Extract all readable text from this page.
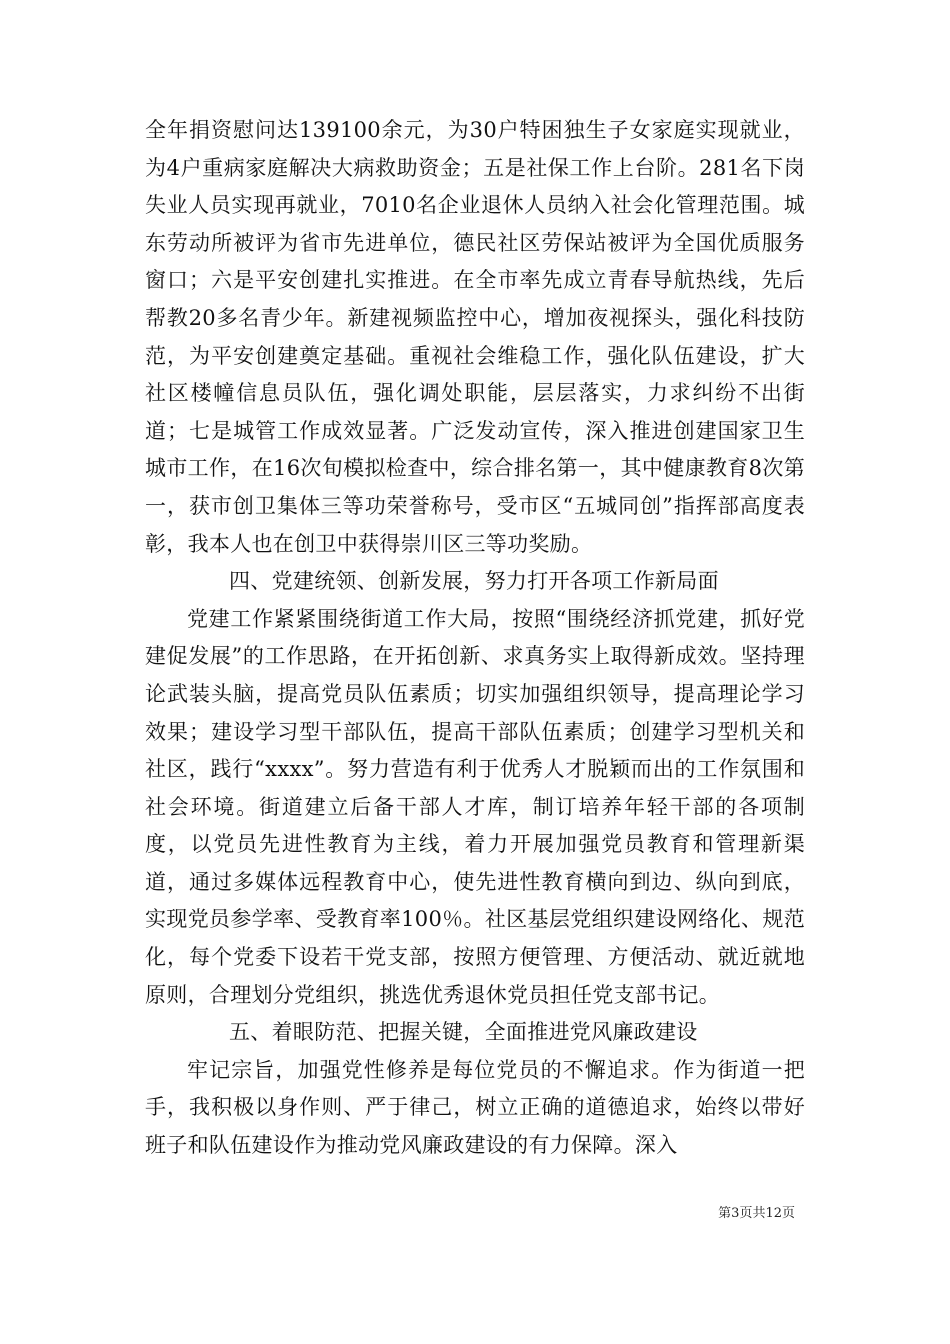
全年捐资慰问达139100余元，为30户特困独生子女家庭实现就业，为4户重病家庭解决大病救助资金；五是社保工作上台阶。281名下岗失业人员实现再就业，7010名企业退休人员纳入社会化管理范围。城东劳动所被评为省市先进单位，德民社区劳保站被评为全国优质服务窗口；六是平安创建扎实推进。在全市率先成立青春导航热线，先后帮教20多名青少年。新建视频监控中心，增加夜视探头，强化科技防范，为平安创建奠定基础。重视社会维稳工作，强化队伍建设，扩大社区楼幢信息员队伍，强化调处职能，层层落实，力求纠纷不出街道；七是城管工作成效显著。广泛发动宣传，深入推进创建国家卫生城市工作，在16次旬模拟检查中，综合排名第一，其中健康教育8次第一，获市创卫集体三等功荣誉称号，受市区“五城同创”指挥部高度表彰，我本人也在创卫中获得崇川区三等功奖励。

四、党建统领、创新发展，努力打开各项工作新局面

党建工作紧紧围绕街道工作大局，按照“围绕经济抓党建，抓好党建促发展”的工作思路，在开拓创新、求真务实上取得新成效。坚持理论武装头脑，提高党员队伍素质；切实加强组织领导，提高理论学习效果；建设学习型干部队伍，提高干部队伍素质；创建学习型机关和社区，践行“xxxx”。努力营造有利于优秀人才脱颖而出的工作氛围和社会环境。街道建立后备干部人才库，制订培养年轻干部的各项制度，以党员先进性教育为主线，着力开展加强党员教育和管理新渠道，通过多媒体远程教育中心，使先进性教育横向到边、纵向到底，实现党员参学率、受教育率100％。社区基层党组织建设网络化、规范化，每个党委下设若干党支部，按照方便管理、方便活动、就近就地原则，合理划分党组织，挑选优秀退休党员担任党支部书记。

五、着眼防范、把握关键，全面推进党风廉政建设

牢记宗旨，加强党性修养是每位党员的不懈追求。作为街道一把手，我积极以身作则、严于律己，树立正确的道德追求，始终以带好班子和队伍建设作为推动党风廉政建设的有力保障。深入

第3页共12页
